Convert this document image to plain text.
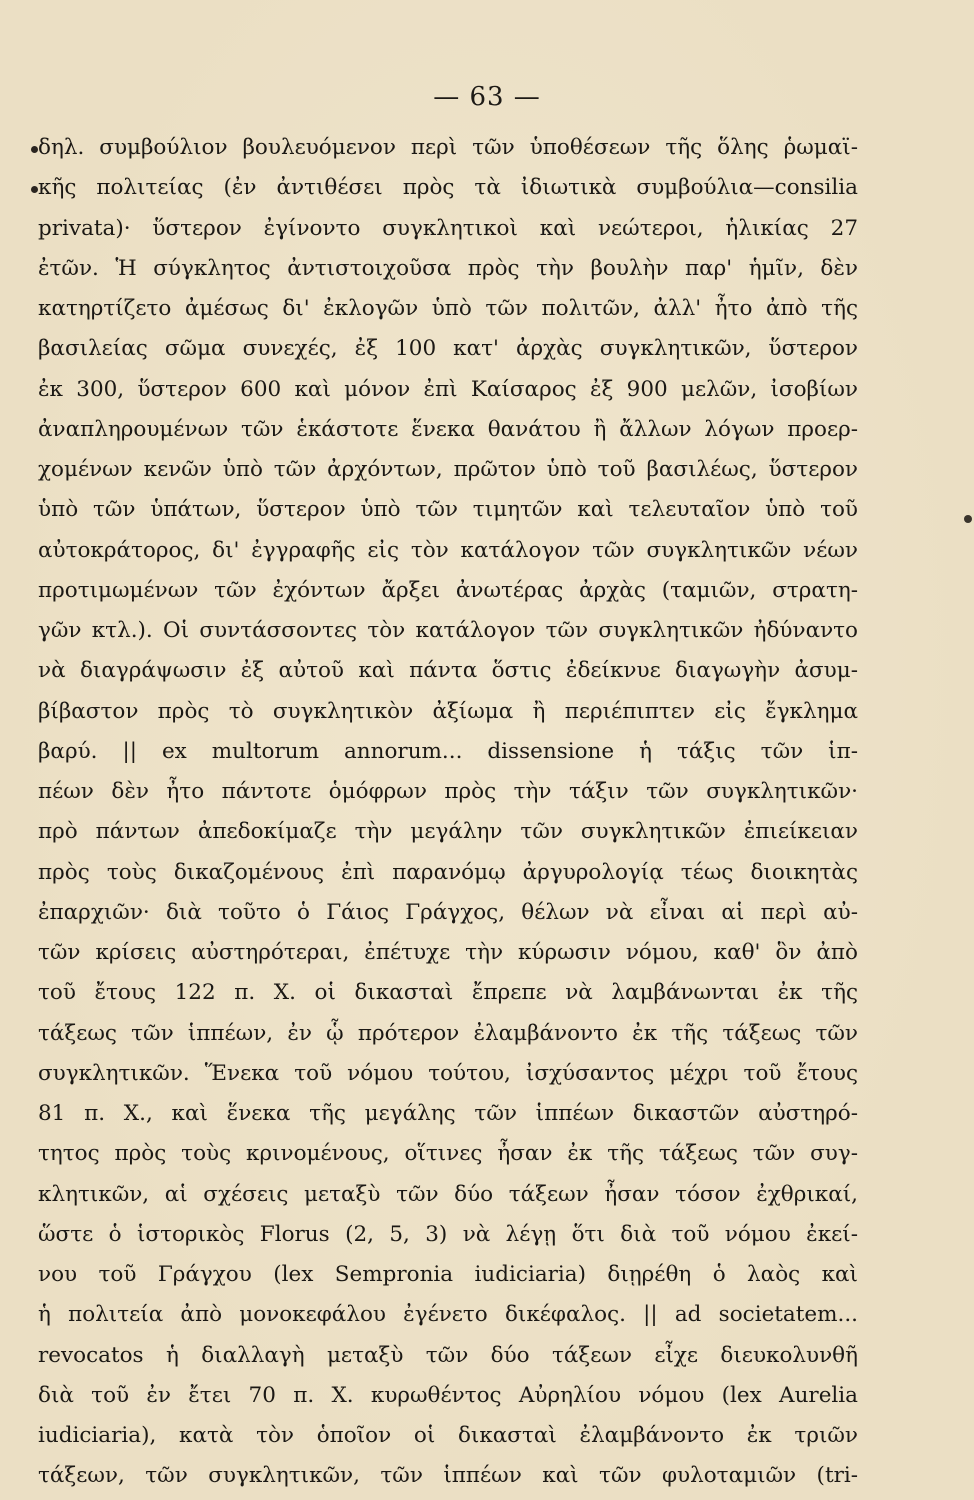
— 63 —
δηλ. συμβούλιον βουλευόμενον περὶ τῶν ὑποθέσεων τῆς ὅλης ῥωμαϊ-
κῆς πολιτείας (ἐν ἀντιθέσει πρὸς τὰ ἰδιωτικὰ συμβούλια—consilia
privata)· ὕστερον ἐγίνοντο συγκλητικοὶ καὶ νεώτεροι, ἡλικίας 27
ἐτῶν. Ἡ σύγκλητος ἀντιστοιχοῦσα πρὸς τὴν βουλὴν παρ' ἡμῖν, δὲν
κατηρτίζετο ἀμέσως δι' ἐκλογῶν ὑπὸ τῶν πολιτῶν, ἀλλ' ἦτο ἀπὸ τῆς
βασιλείας σῶμα συνεχές, ἐξ 100 κατ' ἀρχὰς συγκλητικῶν, ὕστερον
ἐκ 300, ὕστερον 600 καὶ μόνον ἐπὶ Καίσαρος ἐξ 900 μελῶν, ἰσοβίων
ἀναπληρουμένων τῶν ἑκάστοτε ἕνεκα θανάτου ἢ ἄλλων λόγων προερ-
χομένων κενῶν ὑπὸ τῶν ἀρχόντων, πρῶτον ὑπὸ τοῦ βασιλέως, ὕστερον
ὑπὸ τῶν ὑπάτων, ὕστερον ὑπὸ τῶν τιμητῶν καὶ τελευταῖον ὑπὸ τοῦ
αὐτοκράτορος, δι' ἐγγραφῆς εἰς τὸν κατάλογον τῶν συγκλητικῶν νέων
προτιμωμένων τῶν ἐχόντων ἄρξει ἀνωτέρας ἀρχὰς (ταμιῶν, στρατη-
γῶν κτλ.). Οἱ συντάσσοντες τὸν κατάλογον τῶν συγκλητικῶν ἠδύναντο
νὰ διαγράψωσιν ἐξ αὐτοῦ καὶ πάντα ὅστις ἐδείκνυε διαγωγὴν ἀσυμ-
βίβαστον πρὸς τὸ συγκλητικὸν ἀξίωμα ἢ περιέπιπτεν εἰς ἔγκλημα
βαρύ. || ex multorum annorum... dissensione ἡ τάξις τῶν ἱπ-
πέων δὲν ἦτο πάντοτε ὁμόφρων πρὸς τὴν τάξιν τῶν συγκλητικῶν·
πρὸ πάντων ἀπεδοκίμαζε τὴν μεγάλην τῶν συγκλητικῶν ἐπιείκειαν
πρὸς τοὺς δικαζομένους ἐπὶ παρανόμῳ ἀργυρολογίᾳ τέως διοικητὰς
ἐπαρχιῶν· διὰ τοῦτο ὁ Γάιος Γράγχος, θέλων νὰ εἶναι αἱ περὶ αὐ-
τῶν κρίσεις αὐστηρότεραι, ἐπέτυχε τὴν κύρωσιν νόμου, καθ' ὃν ἀπὸ
τοῦ ἔτους 122 π. Χ. οἱ δικασταὶ ἔπρεπε νὰ λαμβάνωνται ἐκ τῆς
τάξεως τῶν ἱππέων, ἐν ᾧ πρότερον ἐλαμβάνοντο ἐκ τῆς τάξεως τῶν
συγκλητικῶν. Ἕνεκα τοῦ νόμου τούτου, ἰσχύσαντος μέχρι τοῦ ἔτους
81 π. Χ., καὶ ἕνεκα τῆς μεγάλης τῶν ἱππέων δικαστῶν αὐστηρό-
τητος πρὸς τοὺς κρινομένους, οἵτινες ἦσαν ἐκ τῆς τάξεως τῶν συγ-
κλητικῶν, αἱ σχέσεις μεταξὺ τῶν δύο τάξεων ἦσαν τόσον ἐχθρικαί,
ὥστε ὁ ἱστορικὸς Florus (2, 5, 3) νὰ λέγῃ ὅτι διὰ τοῦ νόμου ἐκεί-
νου τοῦ Γράγχου (lex Sempronia iudiciaria) διῃρέθη ὁ λαὸς καὶ
ἡ πολιτεία ἀπὸ μονοκεφάλου ἐγένετο δικέφαλος. || ad societatem...
revocatos ἡ διαλλαγὴ μεταξὺ τῶν δύο τάξεων εἶχε διευκολυνθῆ
διὰ τοῦ ἐν ἔτει 70 π. Χ. κυρωθέντος Αὐρηλίου νόμου (lex Aurelia
iudiciaria), κατὰ τὸν ὁποῖον οἱ δικασταὶ ἐλαμβάνοντο ἐκ τριῶν
τάξεων, τῶν συγκλητικῶν, τῶν ἱππέων καὶ τῶν φυλοταμιῶν (tri-
